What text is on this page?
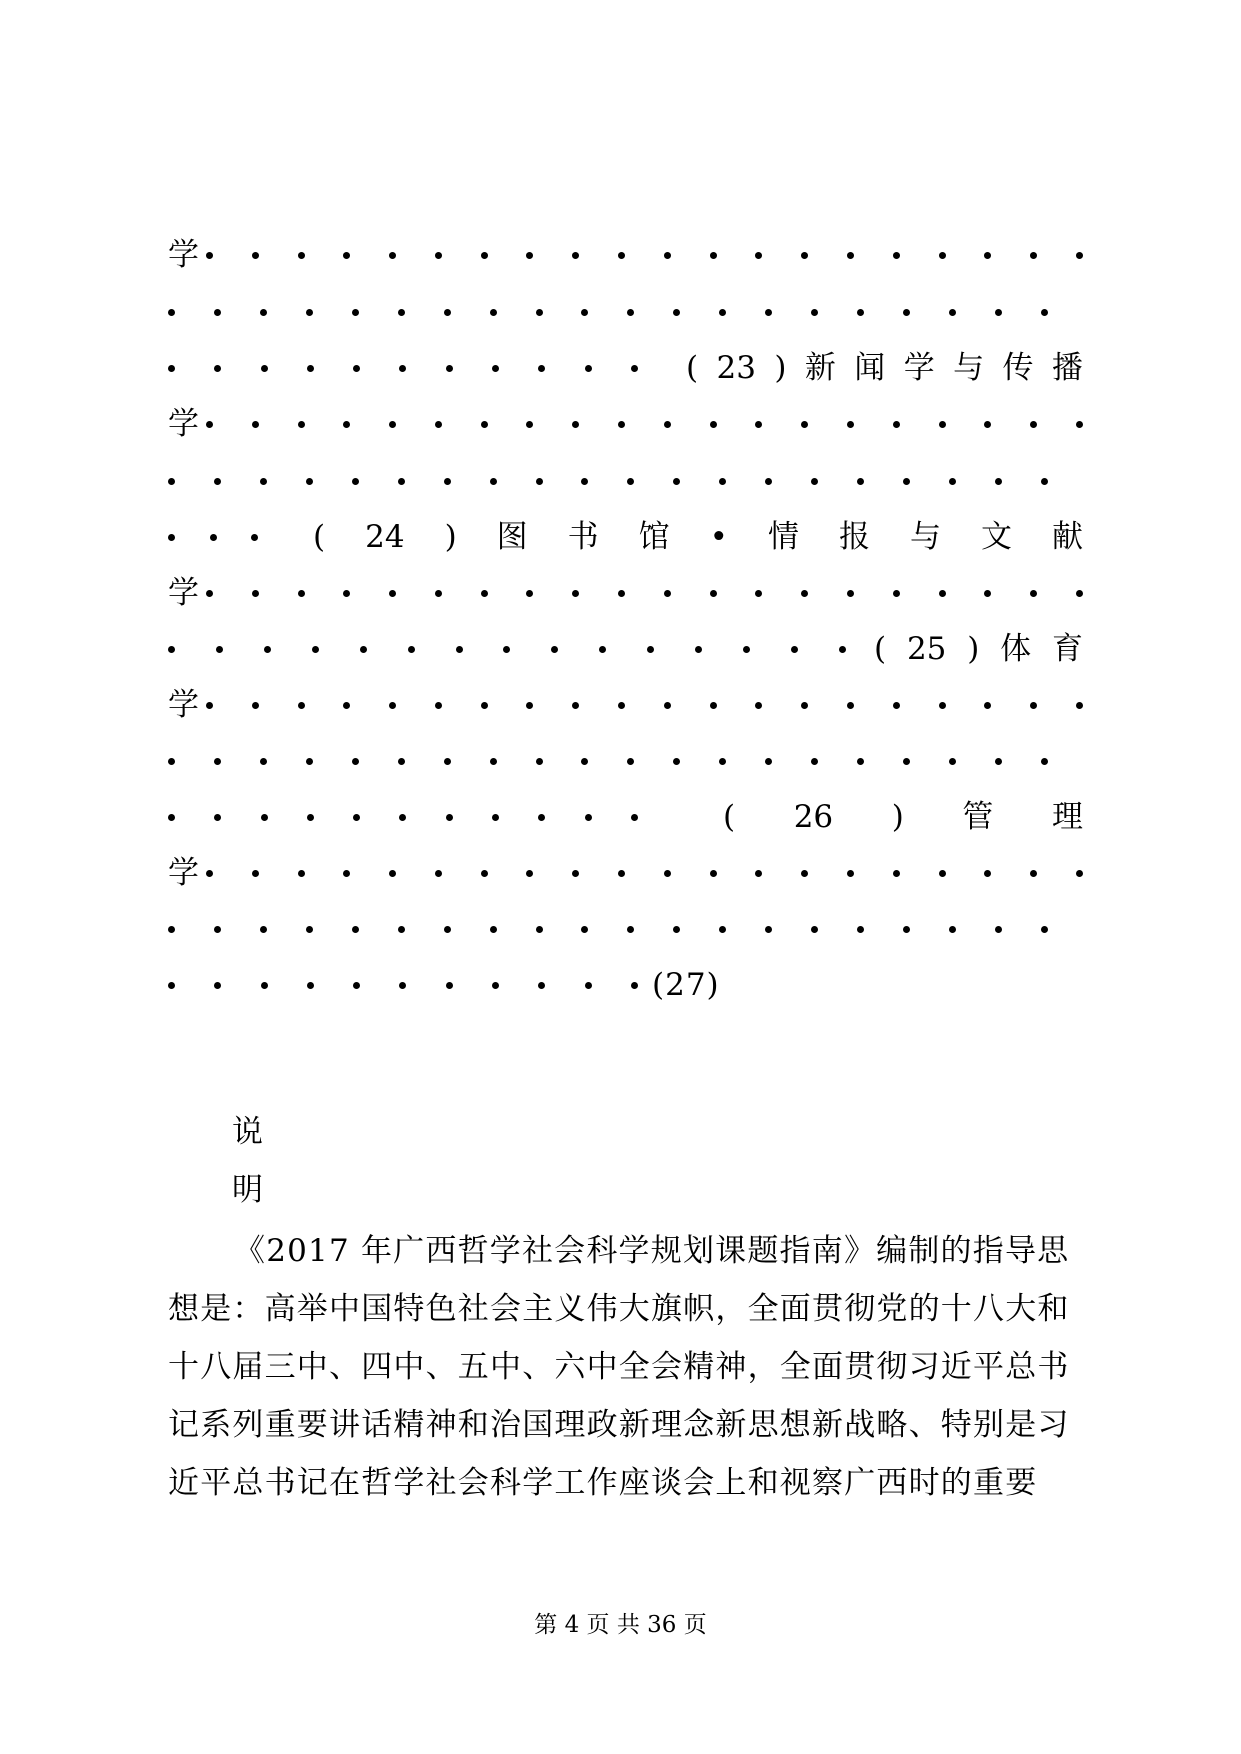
学
( 23 ) 新 闻 学 与 传 播
学
( 24 ) 图 书 馆 • 情 报 与 文 献
学
( 25 ) 体 育
学
( 26 ) 管 理
学
(27)
说
明
《2017 年广西哲学社会科学规划课题指南》编制的指导思
想是：高举中国特色社会主义伟大旗帜，全面贯彻党的十八大和
十八届三中、四中、五中、六中全会精神，全面贯彻习近平总书
记系列重要讲话精神和治国理政新理念新思想新战略、特别是习
近平总书记在哲学社会科学工作座谈会上和视察广西时的重要
第 4 页 共 36 页
